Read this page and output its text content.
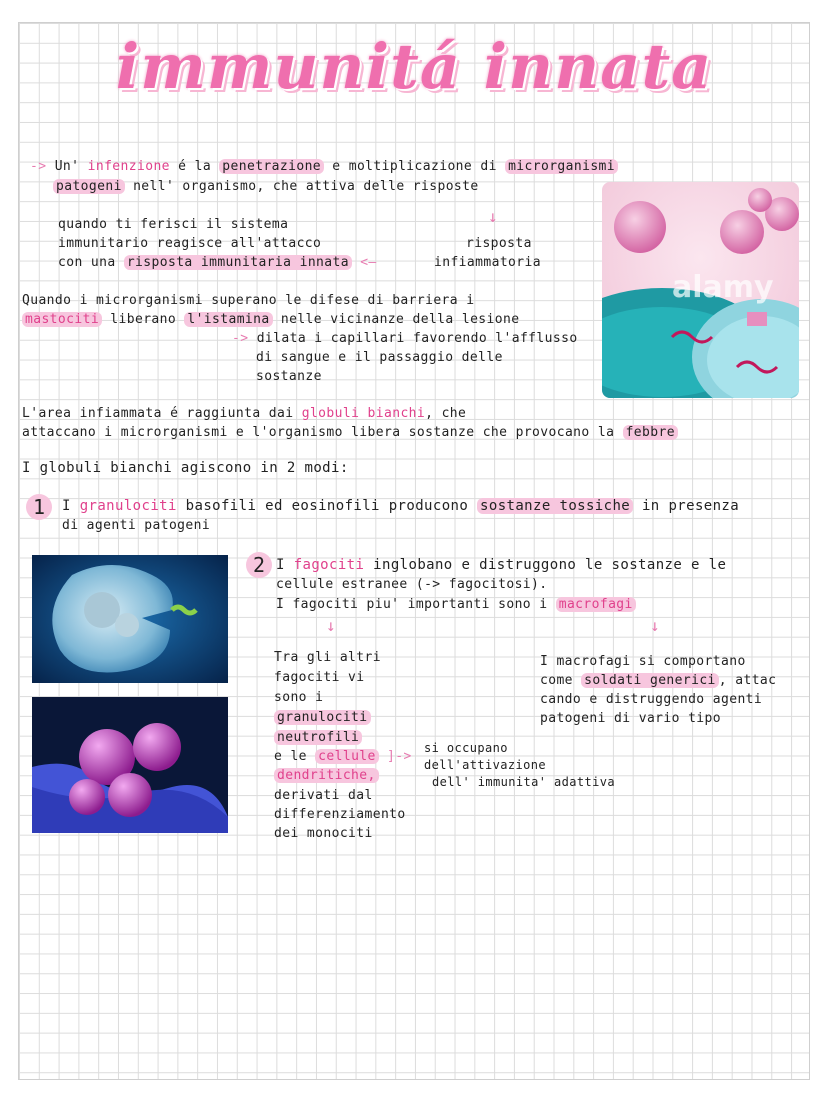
immunitá innata
-> Un' infenzione é la penetrazione e moltiplicazione di microrganismi
patogeni nell' organismo, che attiva delle risposte
quando ti ferisci il sistema
immunitario reagisce all'attacco
con una risposta immunitaria innata <—
↓
risposta
infiammatoria
Quando i microrganismi superano le difese di barriera i
mastociti liberano l'istamina nelle vicinanze della lesione
-> dilata i capillari favorendo l'afflusso
di sangue e il passaggio delle
sostanze
alamy
L'area infiammata é raggiunta dai globuli bianchi, che
attaccano i microrganismi e l'organismo libera sostanze che provocano la febbre
I globuli bianchi agiscono in 2 modi:
1	I granulociti basofili ed eosinofili producono sostanze tossiche in presenza
di agenti patogeni
2 I fagociti inglobano e distruggono le sostanze e le
cellule estranee (-> fagocitosi).
I fagociti piu' importanti sono i macrofagi
↓	↓
Tra gli altri
fagociti vi
sono i
granulociti
neutrofili
e le cellule ]->
dendritiche,
derivati dal
differenziamento
dei monociti
si occupano
dell'attivazione
dell' immunita' adattiva
I macrofagi si comportano
come soldati generici , attac
cando e distruggendo agenti
patogeni di vario tipo
